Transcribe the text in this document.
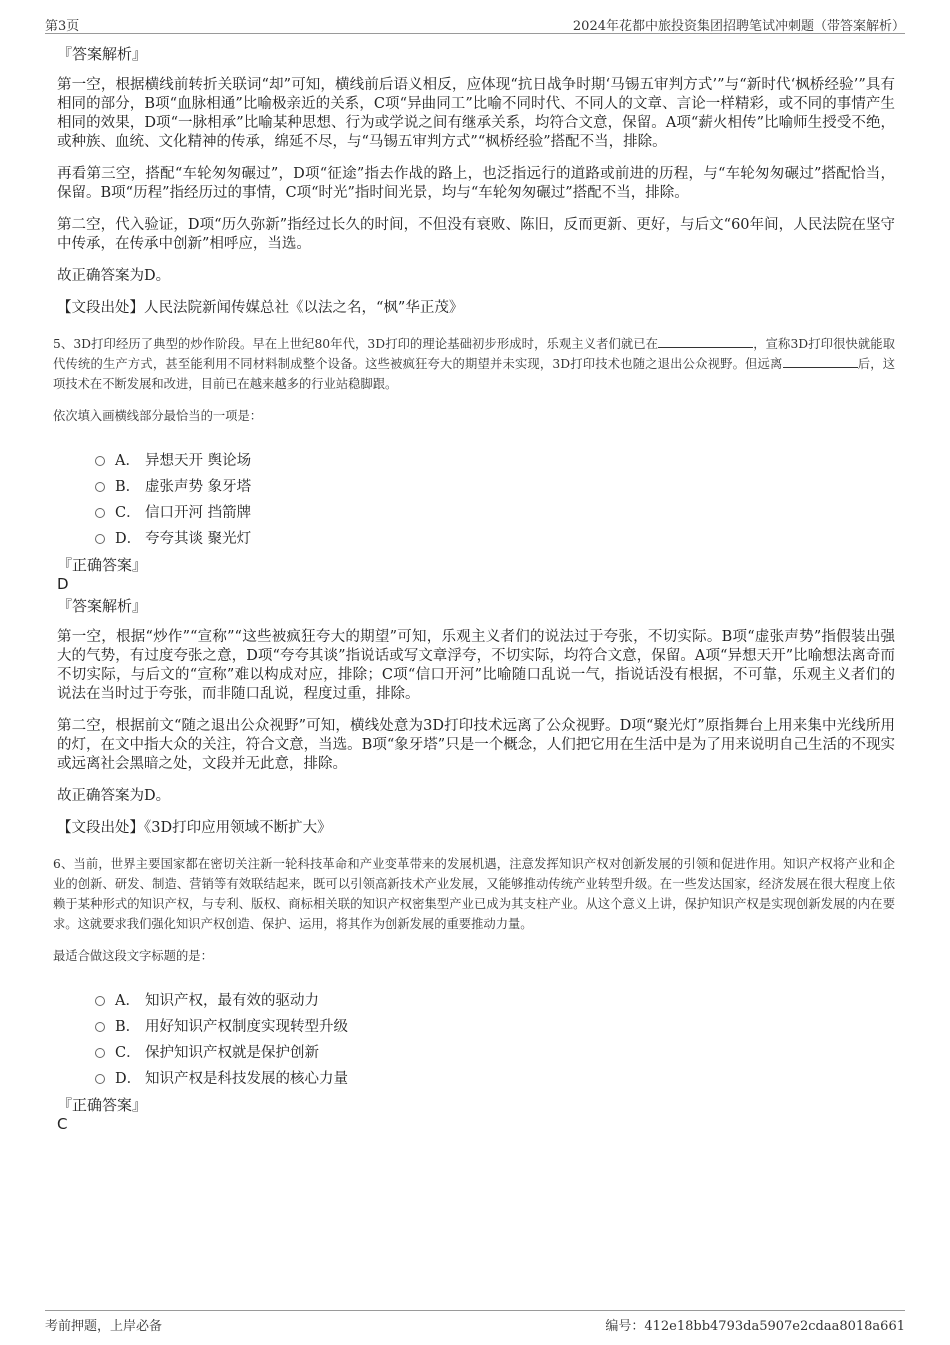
第3页	2024年花都中旅投资集团招聘笔试冲刺题（带答案解析）

『答案解析』

第一空，根据横线前转折关联词“却”可知，横线前后语义相反，应体现“抗日战争时期‘马锡五审判方式’”与“新时代‘枫桥经验’”具有相同的部分，B项“血脉相通”比喻极亲近的关系，C项“异曲同工”比喻不同时代、不同人的文章、言论一样精彩，或不同的事情产生相同的效果，D项“一脉相承”比喻某种思想、行为或学说之间有继承关系，均符合文意，保留。A项“薪火相传”比喻师生授受不绝，或种族、血统、文化精神的传承，绵延不尽，与“马锡五审判方式”“枫桥经验”搭配不当，排除。

再看第三空，搭配“车轮匆匆碾过”，D项“征途”指去作战的路上，也泛指远行的道路或前进的历程，与“车轮匆匆碾过”搭配恰当，保留。B项“历程”指经历过的事情，C项“时光”指时间光景，均与“车轮匆匆碾过”搭配不当，排除。

第二空，代入验证，D项“历久弥新”指经过长久的时间，不但没有衰败、陈旧，反而更新、更好，与后文“60年间，人民法院在坚守中传承，在传承中创新”相呼应，当选。

故正确答案为D。

【文段出处】人民法院新闻传媒总社《以法之名，“枫”华正茂》

5、3D打印经历了典型的炒作阶段。早在上世纪80年代，3D打印的理论基础初步形成时，乐观主义者们就已在	，宣称3D打印很快就能取代传统的生产方式，甚至能利用不同材料制成整个设备。这些被疯狂夸大的期望并未实现，3D打印技术也随之退出公众视野。但远离	后，这项技术在不断发展和改进，目前已在越来越多的行业站稳脚跟。

依次填入画横线部分最恰当的一项是：

A． 异想天开 舆论场
B． 虚张声势 象牙塔
C． 信口开河 挡箭牌
D． 夸夸其谈 聚光灯

『正确答案』

D

『答案解析』

第一空，根据“炒作”“宣称”“这些被疯狂夸大的期望”可知，乐观主义者们的说法过于夸张，不切实际。B项“虚张声势”指假装出强大的气势，有过度夸张之意，D项“夸夸其谈”指说话或写文章浮夸，不切实际，均符合文意，保留。A项“异想天开”比喻想法离奇而不切实际，与后文的“宣称”难以构成对应，排除；C项“信口开河”比喻随口乱说一气，指说话没有根据，不可靠，乐观主义者们的说法在当时过于夸张，而非随口乱说，程度过重，排除。

第二空，根据前文“随之退出公众视野”可知，横线处意为3D打印技术远离了公众视野。D项“聚光灯”原指舞台上用来集中光线所用的灯，在文中指大众的关注，符合文意，当选。B项“象牙塔”只是一个概念，人们把它用在生活中是为了用来说明自己生活的不现实或远离社会黑暗之处，文段并无此意，排除。

故正确答案为D。

【文段出处】《3D打印应用领域不断扩大》

6、当前，世界主要国家都在密切关注新一轮科技革命和产业变革带来的发展机遇，注意发挥知识产权对创新发展的引领和促进作用。知识产权将产业和企业的创新、研发、制造、营销等有效联结起来，既可以引领高新技术产业发展，又能够推动传统产业转型升级。在一些发达国家，经济发展在很大程度上依赖于某种形式的知识产权，与专利、版权、商标相关联的知识产权密集型产业已成为其支柱产业。从这个意义上讲，保护知识产权是实现创新发展的内在要求。这就要求我们强化知识产权创造、保护、运用，将其作为创新发展的重要推动力量。

最适合做这段文字标题的是：

A． 知识产权，最有效的驱动力
B． 用好知识产权制度实现转型升级
C． 保护知识产权就是保护创新
D． 知识产权是科技发展的核心力量

『正确答案』

C

考前押题，上岸必备	编号：412e18bb4793da5907e2cdaa8018a661
